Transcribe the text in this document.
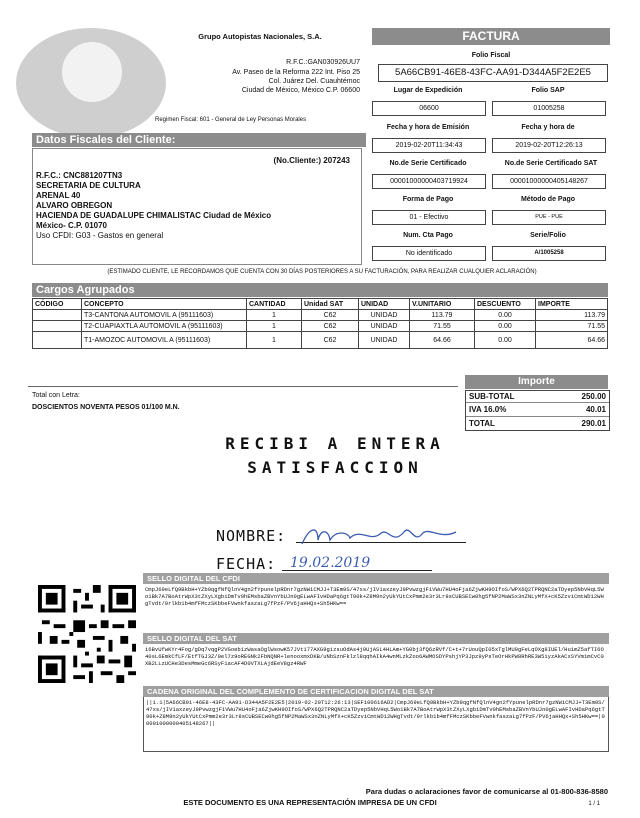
Grupo Autopistas Nacionales, S.A.
R.F.C.:GAN030926UU7
Av. Paseo de la Reforma 222 Int. Piso 25
Col. Juárez Del. Cuauhtémoc
Ciudad de México, México C.P. 06600
Regimen Fiscal: 601 - General de Ley Personas Morales
FACTURA
Folio Fiscal
5A66CB91-46E8-43FC-AA91-D344A5F2E2E5
Lugar de Expedición	Folio SAP
06600	01005258
Fecha y hora de Emisión	Fecha y hora de
2019-02-20T11:34:43	2019-02-20T12:26:13
No.de Serie Certificado	No.de Serie Certificado SAT
00001000000403719924	00001000000405148267
Forma de Pago	Método de Pago
01 - Efectivo	PUE - PUE
Num. Cta Pago	Serie/Folio
No identificado	A/1005258
Datos Fiscales del Cliente:
(No.Cliente:) 207243
R.F.C.: CNC881207TN3
SECRETARIA DE CULTURA
ARENAL 40
ALVARO OBREGON
HACIENDA DE GUADALUPE CHIMALISTAC Ciudad de México
México- C.P. 01070
Uso CFDI: G03 - Gastos en general
(ESTIMADO CLIENTE, LE RECORDAMOS QUE CUENTA CON 30 DÍAS POSTERIORES A SU FACTURACIÓN, PARA REALIZAR CUALQUIER ACLARACIÓN)
Cargos Agrupados
CÓDIGO	CONCEPTO	CANTIDAD	Unidad SAT	UNIDAD	V.UNITARIO	DESCUENTO	IMPORTE
	T3-CANTONA AUTOMOVIL A (95111603)	1	C62	UNIDAD	113.79	0.00	113.79
	T2-CUAPIAXTLA AUTOMOVIL A (95111603)	1	C62	UNIDAD	71.55	0.00	71.55
	T1-AMOZOC AUTOMOVIL A (95111603)	1	C62	UNIDAD	64.66	0.00	64.66
Total con Letra:
DOSCIENTOS NOVENTA PESOS 01/100 M.N.
Importe
SUB-TOTAL	250.00
IVA 16.0%	40.01
TOTAL	290.01
RECIBI A ENTERA
SATISFACCION
NOMBRE:
FECHA: 19.02.2019
SELLO DIGITAL DEL CFDI
CmpJ69eLfQ9BkbH+YZb9qgfNfQlnV4gn2fYpunelpRDnr7gzNWiCMJJ+T3Em9S/47xs/jIV1axzeyJ9PvwzgjF1VWu7HU4oFja6ZjwKH9OIfoS/WPX6Q2TPRQNC2aTDyep5NbVHqL5Wo1Bk7A7BoAtrWpX3tZXyLXgbiDmTv0hEMsbaZBVnYbUJn0gELwAFIvHDaPq6gtT90k+Z8M9n2yUkYUtCxPmm2e3r3Lr8sCUBSECw0hg5fNP2MaWSx3nZNLyMfX+cK5ZzviCmtWD12WHgTvdt/9rlkb1b4mfFMczSKbbeFVwnkfaszaLg7fPzF/PV6jaHHQx+Sh5HKw==
SELLO DIGITAL DEL SAT
i6BvUfwKYr4Fog/gDq7vqgP2VGoeb1zWasaOglWsowK57JVt177AXG9gizsuOdAs4j0UjASL4HLAm+YG0bj3fQ6zRVf/C+t+7rUouQpI05xTglMU9gFeLqOXg8IUEl/Hu1mZ5afTI6O40sL6EmkCfLF/EtfTGJ3Z/0el7z9oREGNk2FbNQNR+lenooxmxDKB/uNbSznFklzl8qqhAIkA4wnMLzkZoo6AWMOSDYPshjYP3Jpz9yPsTeOrHkPW8RhRE3W5iyzAkACxSYVm1mCvC0XB2LLzUCHe3DesMmeGc6RSyF1acAF4D0VTXLAjdEeV8gz4RWF
CADENA ORIGINAL DEL COMPLEMENTO DE CERTIFICACION DIGITAL DEL SAT
||1.1|5A66CB91-46E8-43FC-AA91-D344A5F2E2E5|2019-02-20T12:26:13|SEF100616AD2|CmpJ69eLfQ9BkbH+YZb9qgfNfQlnV4gn2fYpunelpRDnr7gzNWiCMJJ+T3Em9S/47xs/jIV1axzeyJ9PvwzgjF1VWu7HU4oFja6ZjwKH9OIfoS/WPX6Q2TPRQNC2aTDyep5NbVHqL5Wo1Bk7A7BoAtrWpX3tZXyLXgbiDmTv0hEMsbaZBVnYbUJn0gELwAFIvHDaPq6gtT90k+Z8M9n2yUkYUtCxPmm2e3r3Lr8sCUBSECw0hg5fNP2MaWSx3nZNLyMfX+cK5ZzviCmtWD12WHgTvdt/9rlkb1b4mfFMczSKbbeFVwnkfaszaLg7fPzF/PV6jaHHQx+Sh5HKw==|00001000000405148267||
Para dudas o aclaraciones favor de comunicarse al 01-800-836-8580
ESTE DOCUMENTO ES UNA REPRESENTACIÓN IMPRESA DE UN CFDI	1 / 1
